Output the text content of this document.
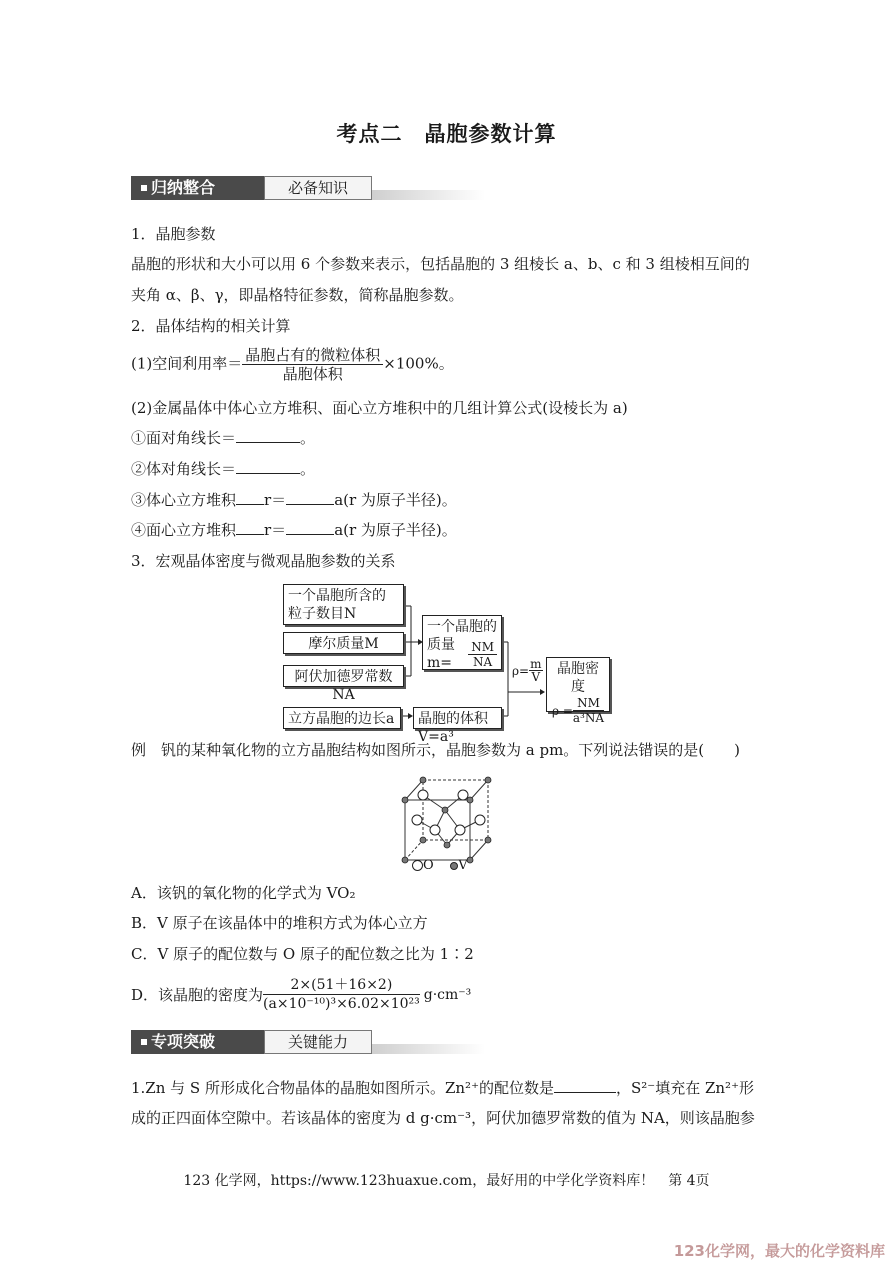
考点二　晶胞参数计算
归纳整合	必备知识
1．晶胞参数
晶胞的形状和大小可以用 6 个参数来表示，包括晶胞的 3 组棱长 a、b、c 和 3 组棱相互间的
夹角 α、β、γ，即晶格特征参数，简称晶胞参数。
2．晶体结构的相关计算
(1)空间利用率＝ $\frac{\text{晶胞占有的微粒体积}}{\text{晶胞体积}} \times 100\%$。
(2)金属晶体中体心立方堆积、面心立方堆积中的几组计算公式(设棱长为 a)
①面对角线长＝	。
②体对角线长＝	。
③体心立方堆积 r＝	a(r 为原子半径)。
④面心立方堆积 r＝	a(r 为原子半径)。
3．宏观晶体密度与微观晶胞参数的关系
一个晶胞所含的粒子数目N
摩尔质量M
阿伏加德罗常数NA
一个晶胞的
质量m=	$\frac{NM}{NA}$
$\rho= \frac{m}{V}$	晶胞密度
$\rho = \frac{NM}{\text{a³NA}}$
立方晶胞的边长a	晶胞的体积V=a³
例　钒的某种氧化物的立方晶胞结构如图所示，晶胞参数为 a pm。下列说法错误的是(　　)
O V
A．该钒的氧化物的化学式为 VO₂
B．V 原子在该晶体中的堆积方式为体心立方
C．V 原子的配位数与 O 原子的配位数之比为 1∶2
D．该晶胞的密度为 $\frac{2\times(51+16\times 2)}{\text{(a×10⁻¹⁰)³×6.02×10²³}} g\cdot cm^{-3}$
专项突破	关键能力
1.Zn 与 S 所形成化合物晶体的晶胞如图所示。Zn²⁺的配位数是	，S²⁻填充在 Zn²⁺形
成的正四面体空隙中。若该晶体的密度为 d g·cm⁻³，阿伏加德罗常数的值为 NA，则该晶胞参
123 化学网，https://www.123huaxue.com，最好用的中学化学资料库！　第 4页
123化学网，最大的化学资料库
